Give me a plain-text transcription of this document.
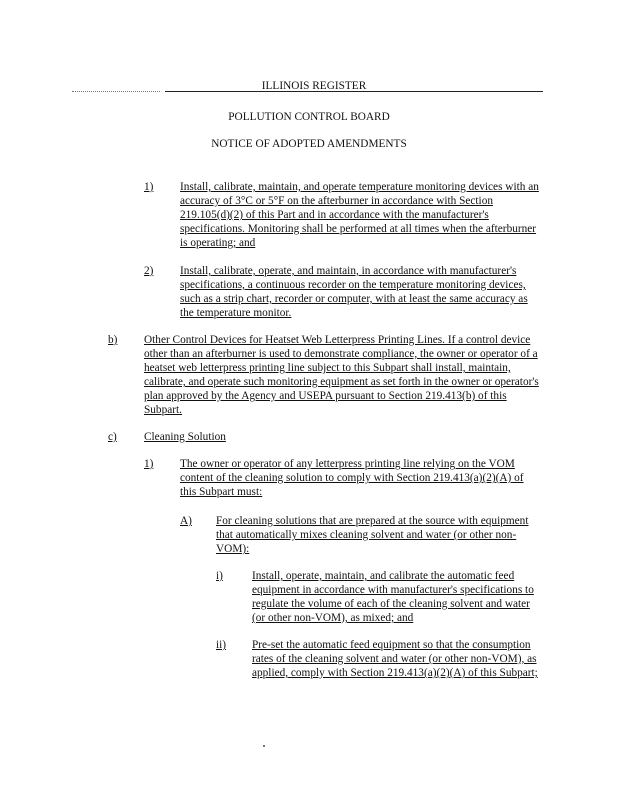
ILLINOIS REGISTER
POLLUTION CONTROL BOARD
NOTICE OF ADOPTED AMENDMENTS
1) Install, calibrate, maintain, and operate temperature monitoring devices with an accuracy of 3°C or 5°F on the afterburner in accordance with Section 219.105(d)(2) of this Part and in accordance with the manufacturer's specifications. Monitoring shall be performed at all times when the afterburner is operating; and
2) Install, calibrate, operate, and maintain, in accordance with manufacturer's specifications, a continuous recorder on the temperature monitoring devices, such as a strip chart, recorder or computer, with at least the same accuracy as the temperature monitor.
b) Other Control Devices for Heatset Web Letterpress Printing Lines. If a control device other than an afterburner is used to demonstrate compliance, the owner or operator of a heatset web letterpress printing line subject to this Subpart shall install, maintain, calibrate, and operate such monitoring equipment as set forth in the owner or operator's plan approved by the Agency and USEPA pursuant to Section 219.413(b) of this Subpart.
c) Cleaning Solution
1) The owner or operator of any letterpress printing line relying on the VOM content of the cleaning solution to comply with Section 219.413(a)(2)(A) of this Subpart must:
A) For cleaning solutions that are prepared at the source with equipment that automatically mixes cleaning solvent and water (or other non-VOM):
i)	Install, operate, maintain, and calibrate the automatic feed equipment in accordance with manufacturer's specifications to regulate the volume of each of the cleaning solvent and water (or other non-VOM), as mixed; and
ii) Pre-set the automatic feed equipment so that the consumption rates of the cleaning solvent and water (or other non-VOM), as applied, comply with Section 219.413(a)(2)(A) of this Subpart;
